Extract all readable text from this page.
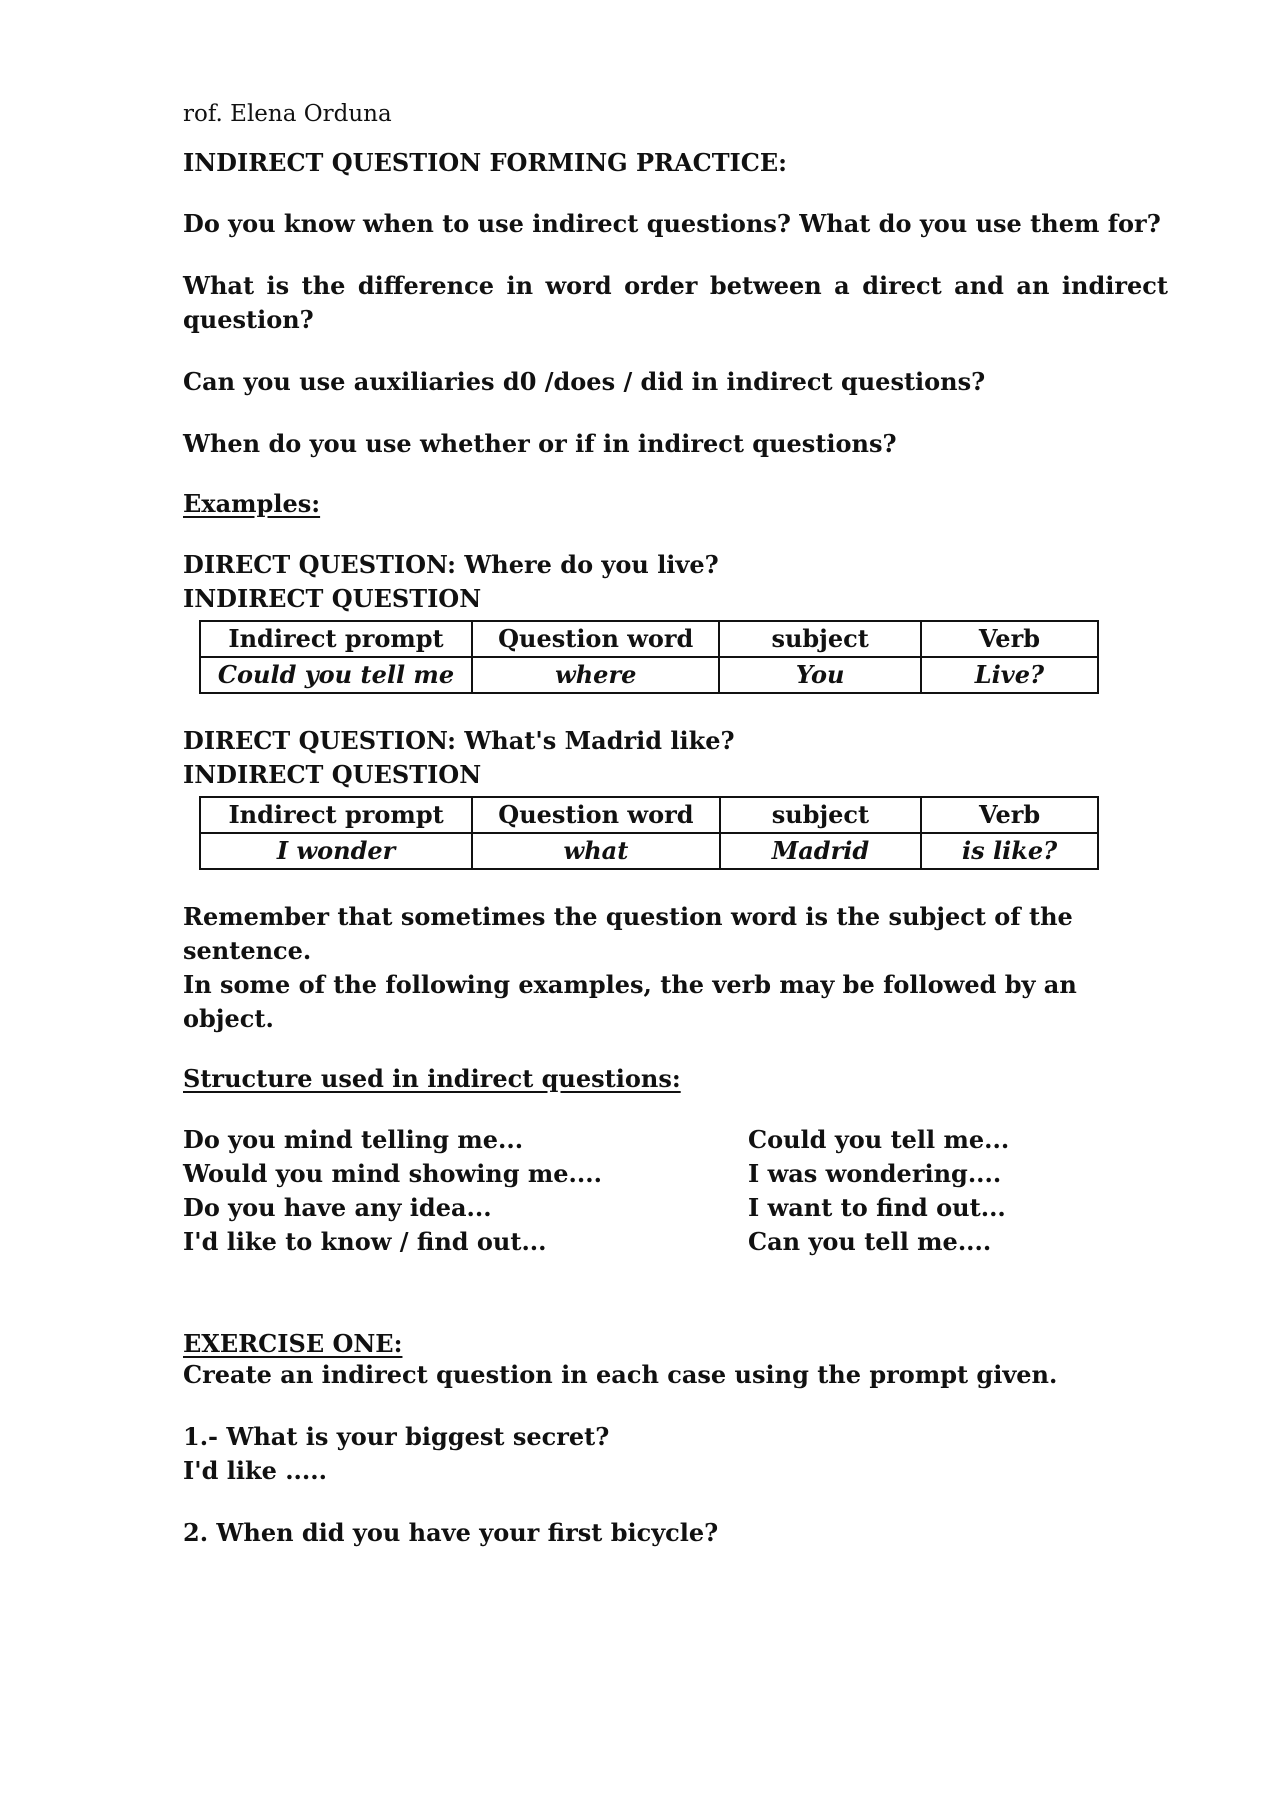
rof. Elena Orduna
INDIRECT QUESTION FORMING PRACTICE:
Do you know when to use indirect questions? What do you use them for?
What is the difference in word order between a direct and an indirect question?
Can you use auxiliaries d0 /does / did in indirect questions?
When do you use whether or if in indirect questions?
Examples:
DIRECT QUESTION: Where do you live?
INDIRECT QUESTION
Indirect prompt	Question word	subject	Verb
Could you tell me	where	You	Live?
DIRECT QUESTION: What's Madrid like?
INDIRECT QUESTION
Indirect prompt	Question word	subject	Verb
I wonder	what	Madrid	is like?
Remember that sometimes the question word is the subject of the sentence.
In some of the following examples, the verb may be followed by an object.
Structure used in indirect questions:
Do you mind telling me...
Would you mind showing me....
Do you have any idea...
I'd like to know / find out...
Could you tell me...
I was wondering....
I want to find out...
Can you tell me....
EXERCISE ONE:
Create an indirect question in each case using the prompt given.
1.- What is your biggest secret?
I'd like .....
2. When did you have your first bicycle?
